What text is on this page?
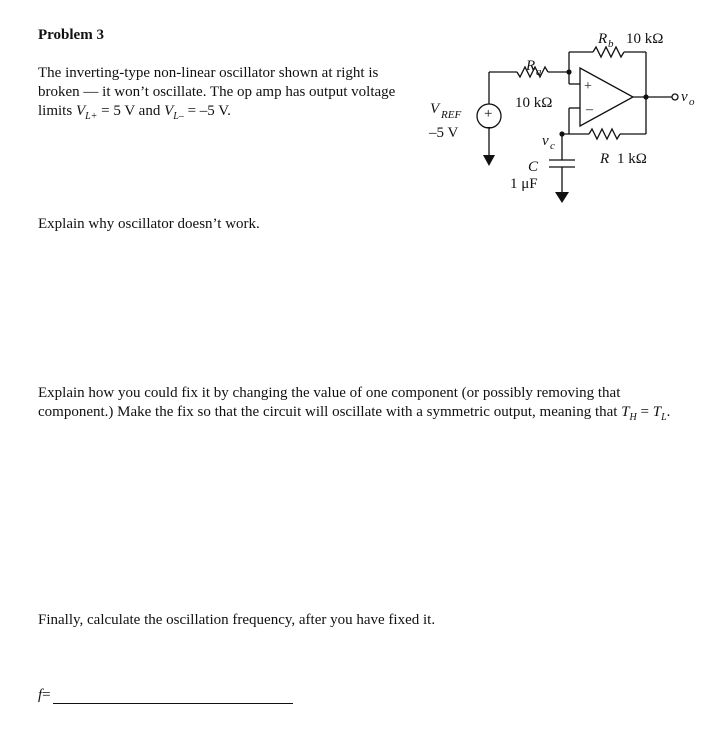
Problem 3
The inverting-type non-linear oscillator shown at right is broken — it won’t oscillate. The op amp has output voltage limits $V_{L+} = 5$ V and $V_{L-} = -5$ V.
Explain why oscillator doesn’t work.
Explain how you could fix it by changing the value of one component (or possibly removing that component.) Make the fix so that the circuit will oscillate with a symmetric output, meaning that $T_H = T_L$.
Finally, calculate the oscillation frequency, after you have fixed it.
f =
+
–
+
–
R b 10 kΩ
R a
10 kΩ
V REF
–5 V	v c
v o
C
1 μF
R 1 kΩ
